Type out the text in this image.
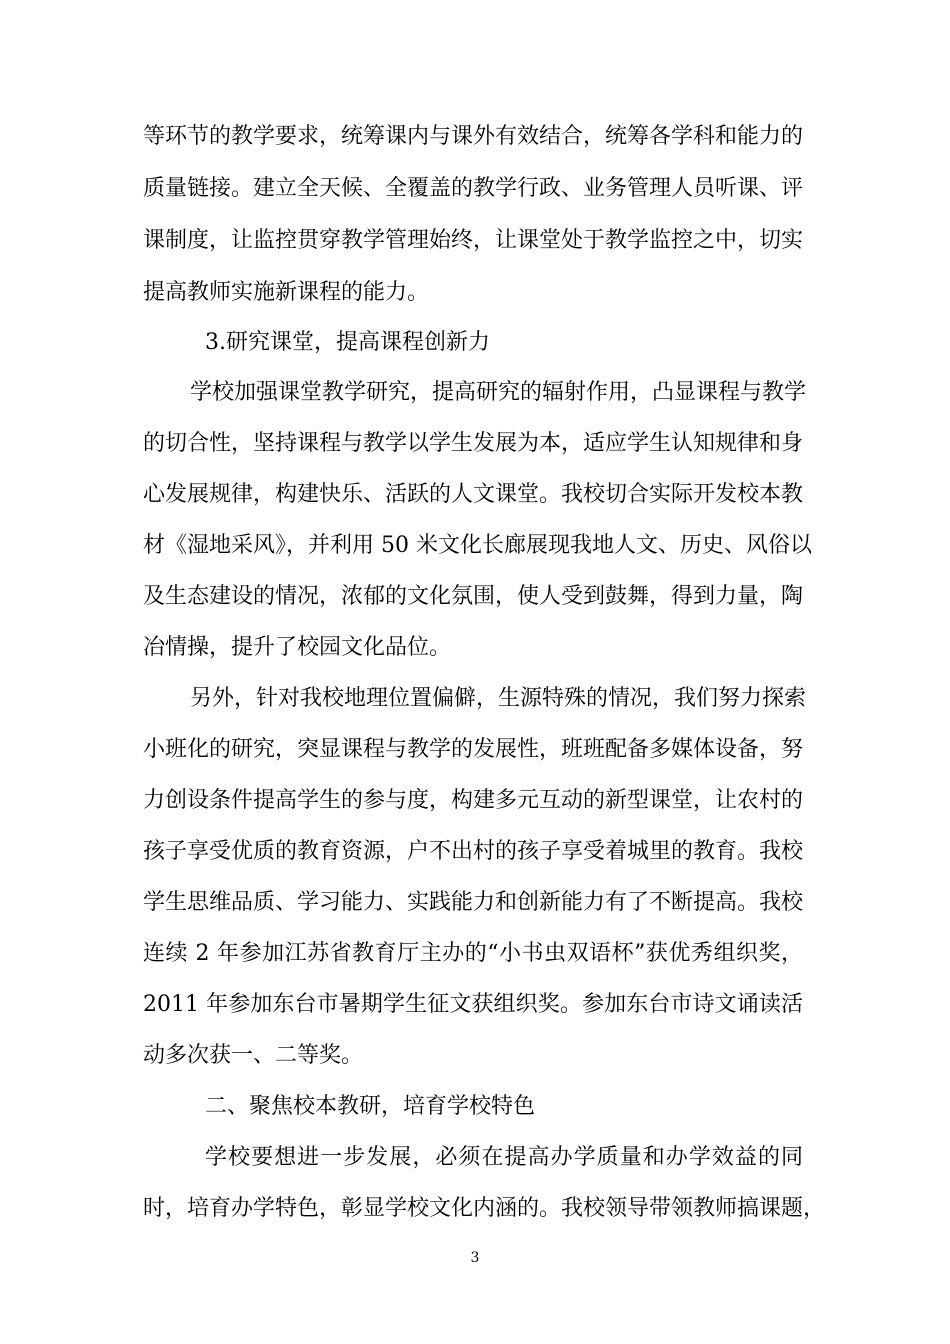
等环节的教学要求，统筹课内与课外有效结合，统筹各学科和能力的
质量链接。建立全天候、全覆盖的教学行政、业务管理人员听课、评
课制度，让监控贯穿教学管理始终，让课堂处于教学监控之中，切实
提高教师实施新课程的能力。
3.研究课堂，提高课程创新力
学校加强课堂教学研究，提高研究的辐射作用，凸显课程与教学
的切合性，坚持课程与教学以学生发展为本，适应学生认知规律和身
心发展规律，构建快乐、活跃的人文课堂。我校切合实际开发校本教
材《湿地采风》，并利用 50 米文化长廊展现我地人文、历史、风俗以
及生态建设的情况，浓郁的文化氛围，使人受到鼓舞，得到力量，陶
冶情操，提升了校园文化品位。
另外，针对我校地理位置偏僻，生源特殊的情况，我们努力探索
小班化的研究，突显课程与教学的发展性，班班配备多媒体设备，努
力创设条件提高学生的参与度，构建多元互动的新型课堂，让农村的
孩子享受优质的教育资源，户不出村的孩子享受着城里的教育。我校
学生思维品质、学习能力、实践能力和创新能力有了不断提高。我校
连续 2 年参加江苏省教育厅主办的“小书虫双语杯”获优秀组织奖，
2011 年参加东台市暑期学生征文获组织奖。参加东台市诗文诵读活
动多次获一、二等奖。
二、聚焦校本教研，培育学校特色
学校要想进一步发展，必须在提高办学质量和办学效益的同
时，培育办学特色，彰显学校文化内涵的。我校领导带领教师搞课题，
3
